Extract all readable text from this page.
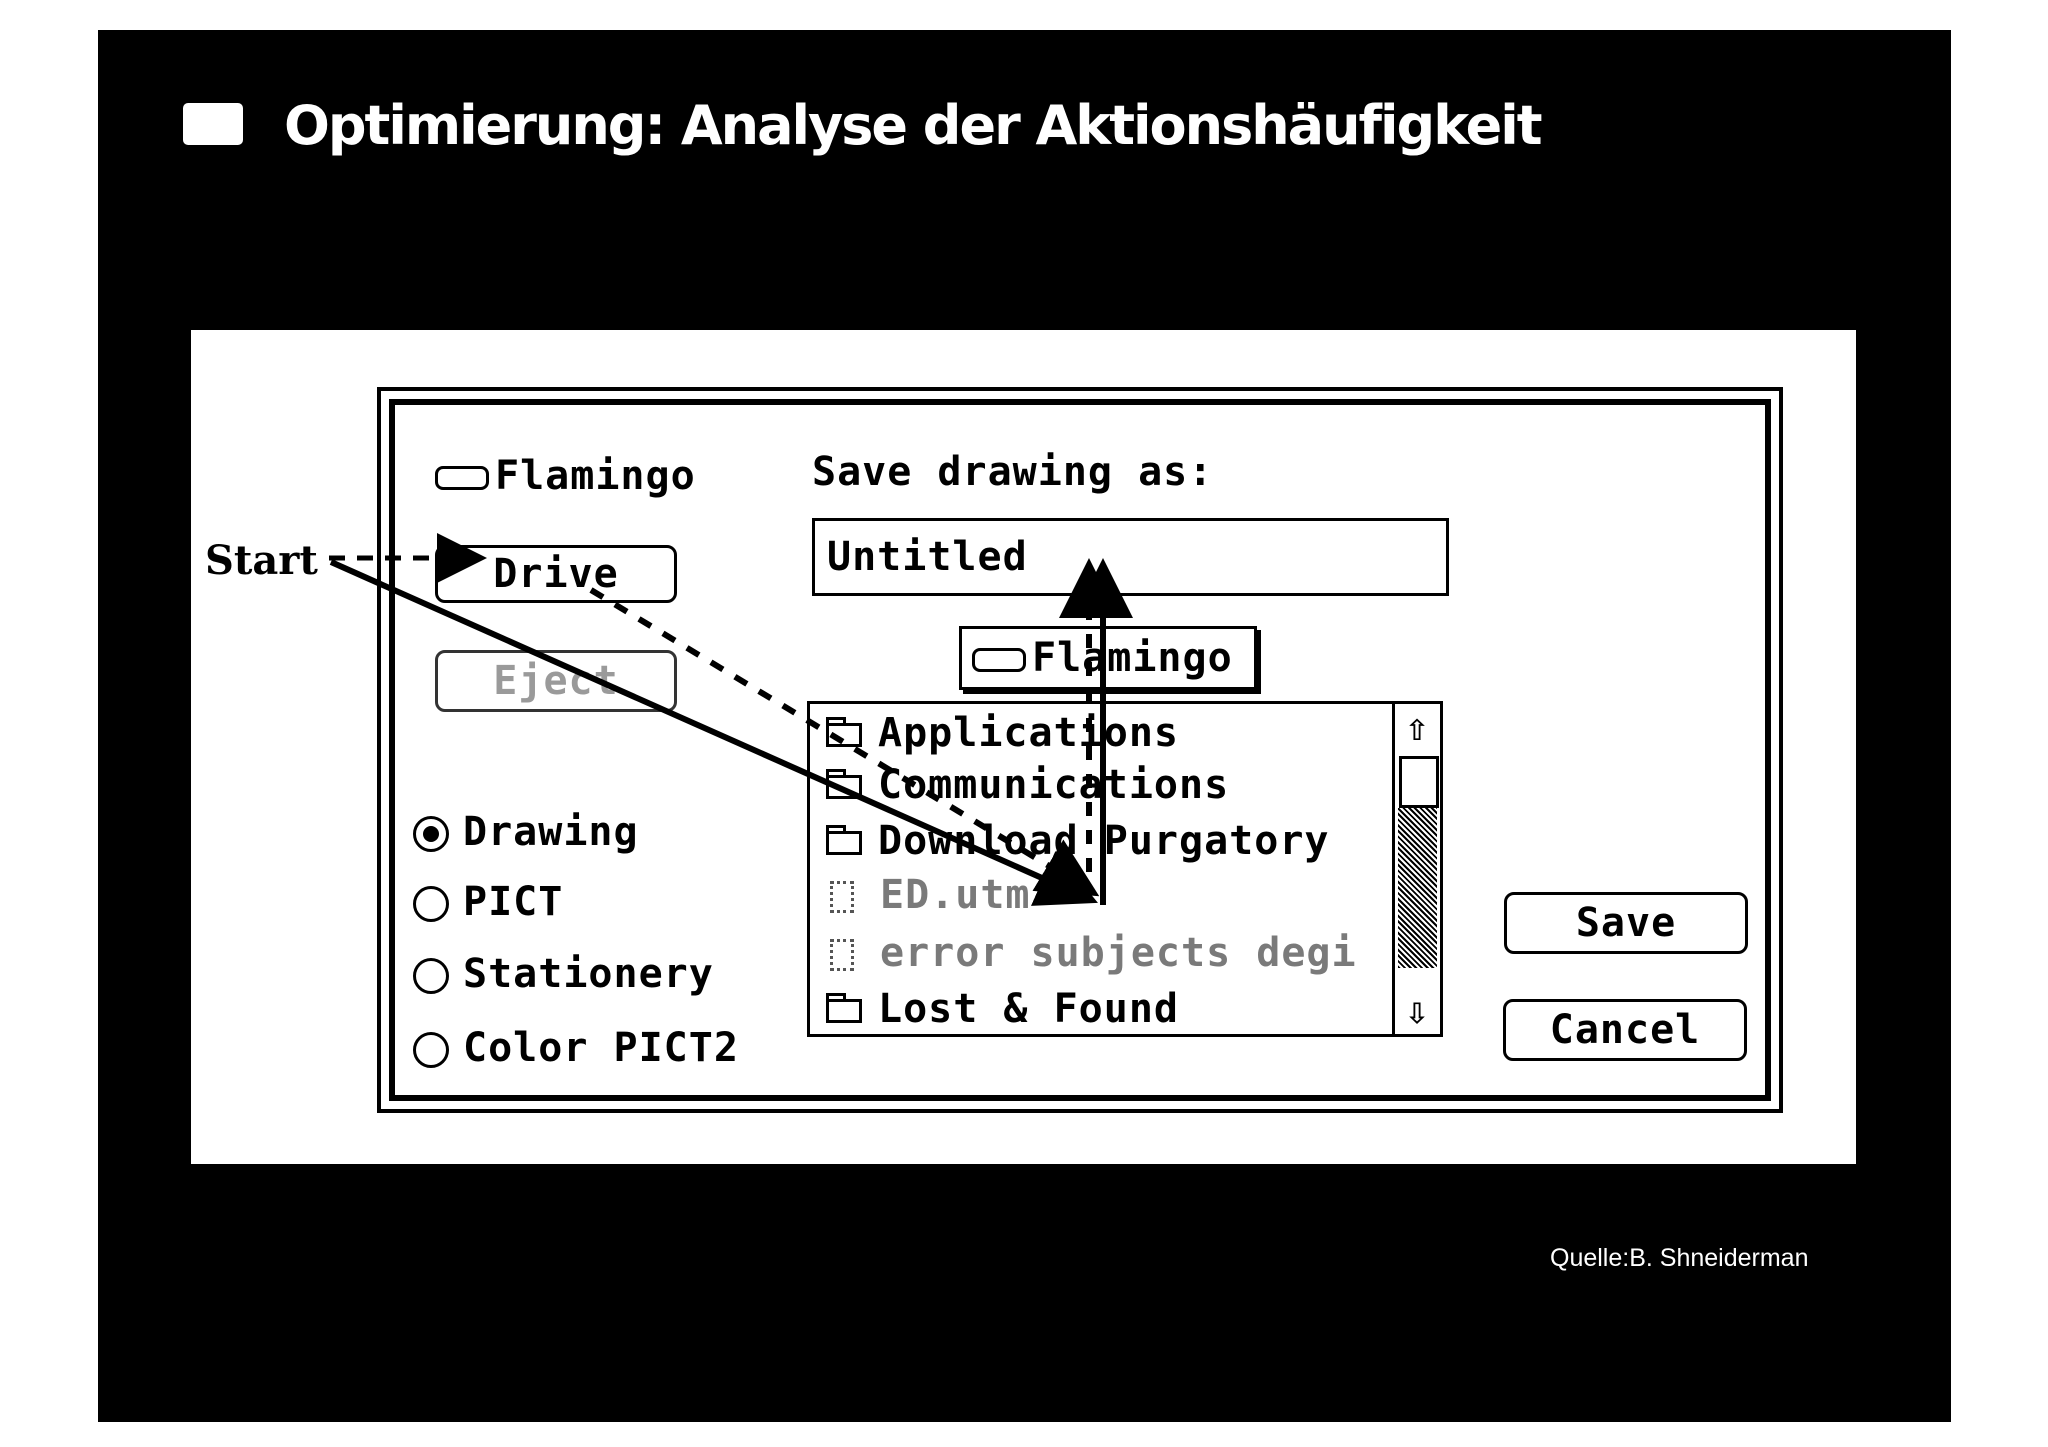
Optimierung: Analyse der Aktionshäufigkeit
Start
Flamingo
Drive
Eject
Save drawing as:
Untitled
Flamingo
Applications
Communications
Download Purgatory
ED.utm
error subjects degi
Lost & Found
⇧
⇩
Drawing
PICT
Stationery
Color PICT2
Save
Cancel
Quelle:B. Shneiderman
